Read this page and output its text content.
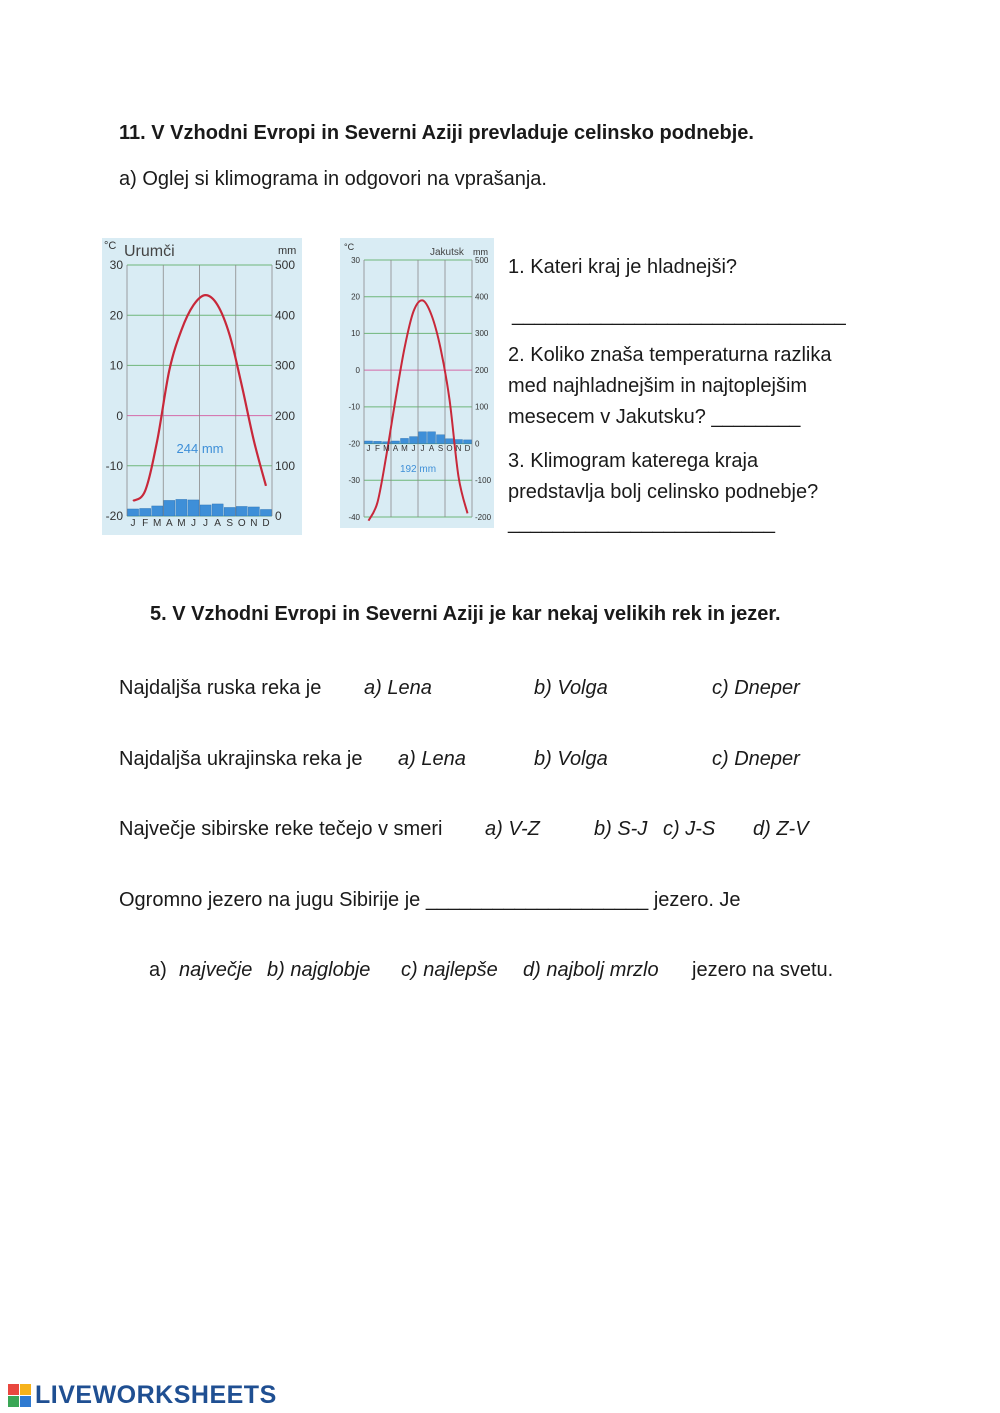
11. V Vzhodni Evropi in Severni Aziji prevladuje celinsko podnebje.
a) Oglej si klimograma in odgovori na vprašanja.
30
20
10
0
-10
-20
500
400
300
200
100
0
J F M A M J J A S O N D
°C Urumči	mm
244 mm
30
20
10
0
-10
-20
-30
-40
500
400
300
200
100
0
-100
-200
J F M A M J J A S O N D
°C	Jakutsk mm
192 mm
1. Kateri kraj je hladnejši?
______________________________
2. Koliko znaša temperaturna razlika
med najhladnejšim in najtoplejšim
mesecem v Jakutsku? ________
3. Klimogram katerega kraja
predstavlja bolj celinsko podnebje?
________________________
5. V Vzhodni Evropi in Severni Aziji je kar nekaj velikih rek in jezer.
Najdaljša ruska reka je a) Lena	b) Volga	c) Dneper
Najdaljša ukrajinska reka je a) Lena	b) Volga	c) Dneper
Največje sibirske reke tečejo v smeri a) V-Z	b) S-J c) J-S d) Z-V
Ogromno jezero na jugu Sibirije je ____________________ jezero. Je
a) največje b) najglobje c) najlepše d) najbolj mrzlo jezero na svetu.
LIVEWORKSHEETS
